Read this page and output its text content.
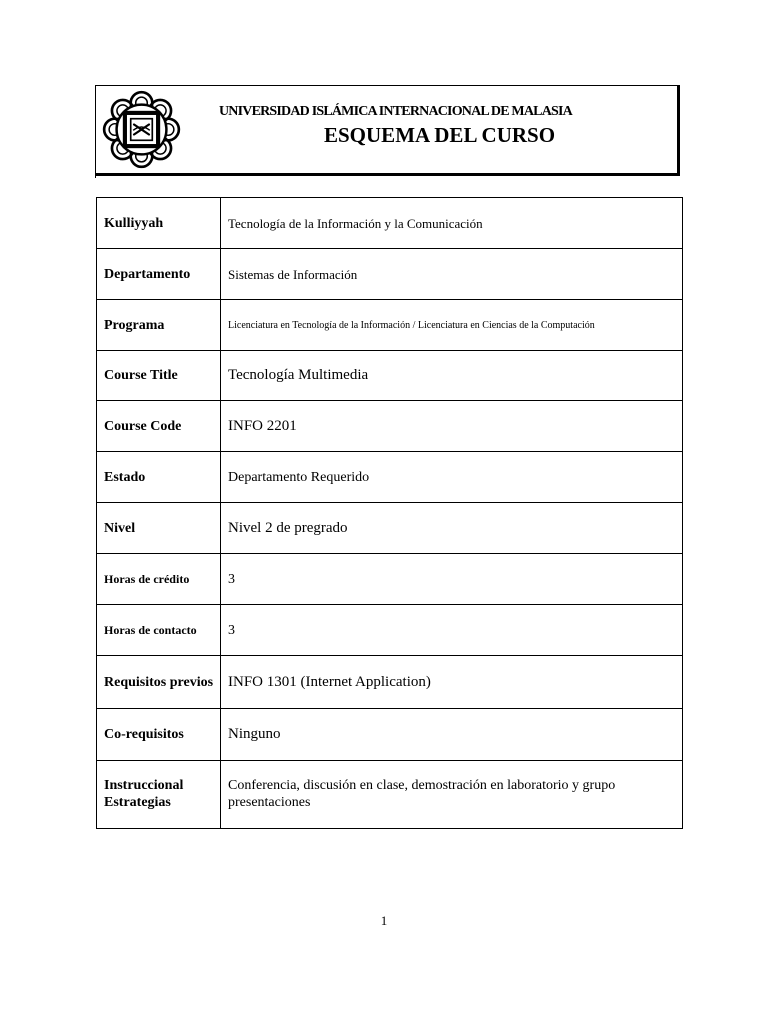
UNIVERSIDAD ISLÁMICA INTERNACIONAL DE MALASIA
ESQUEMA DEL CURSO
Kulliyyah	Tecnología de la Información y la Comunicación
Departamento	Sistemas de Información
Programa	Licenciatura en Tecnología de la Información / Licenciatura en Ciencias de la Computación
Course Title	Tecnología Multimedia
Course Code	INFO 2201
Estado	Departamento Requerido
Nivel	Nivel 2 de pregrado
Horas de crédito	3
Horas de contacto	3
Requisitos previos	INFO 1301 (Internet Application)
Co-requisitos	Ninguno
Instruccional Estrategias	Conferencia, discusión en clase, demostración en laboratorio y grupo presentaciones
1
